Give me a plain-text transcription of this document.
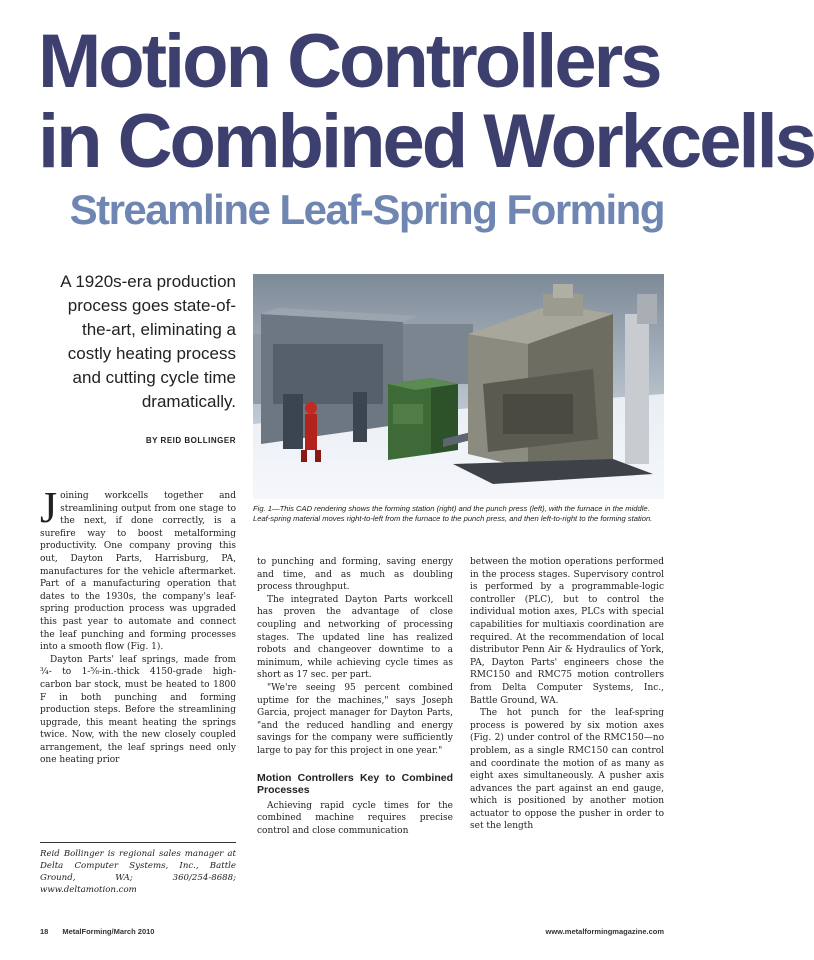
Motion Controllers
in Combined Workcells
Streamline Leaf-Spring Forming
A 1920s-era production process goes state-of-the-art, eliminating a costly heating process and cutting cycle time dramatically.
BY REID BOLLINGER
Fig. 1—This CAD rendering shows the forming station (right) and the punch press (left), with the furnace in the middle. Leaf-spring material moves right-to-left from the furnace to the punch press, and then left-to-right to the forming station.

Joining workcells together and streamlining output from one stage to the next, if done correctly, is a surefire way to boost metalforming productivity. One company proving this out, Dayton Parts, Harrisburg, PA, manufactures for the vehicle aftermarket. Part of a manufacturing operation that dates to the 1930s, the company's leaf-spring production process was upgraded this past year to automate and connect the leaf punching and forming processes into a smooth flow (Fig. 1).

Dayton Parts' leaf springs, made from ¾- to 1-⅝-in.-thick 4150-grade high-carbon bar stock, must be heated to 1800 F in both punching and forming production steps. Before the streamlining upgrade, this meant heating the springs twice. Now, with the new closely coupled arrangement, the leaf springs need only one heating prior

Reid Bollinger is regional sales manager at Delta Computer Systems, Inc., Battle Ground, WA; 360/254-8688; www.deltamotion.com

to punching and forming, saving energy and time, and as much as doubling process throughput.

The integrated Dayton Parts workcell has proven the advantage of close coupling and networking of processing stages. The updated line has realized robots and changeover downtime to a minimum, while achieving cycle times as short as 17 sec. per part.

"We're seeing 95 percent combined uptime for the machines," says Joseph Garcia, project manager for Dayton Parts, "and the reduced handling and energy savings for the company were sufficiently large to pay for this project in one year."

Motion Controllers Key to Combined Processes

Achieving rapid cycle times for the combined machine requires precise control and close communication

between the motion operations performed in the process stages. Supervisory control is performed by a programmable-logic controller (PLC), but to control the individual motion axes, PLCs with special capabilities for multiaxis coordination are required. At the recommendation of local distributor Penn Air & Hydraulics of York, PA, Dayton Parts' engineers chose the RMC150 and RMC75 motion controllers from Delta Computer Systems, Inc., Battle Ground, WA.

The hot punch for the leaf-spring process is powered by six motion axes (Fig. 2) under control of the RMC150—no problem, as a single RMC150 can control and coordinate the motion of as many as eight axes simultaneously. A pusher axis advances the part against an end gauge, which is positioned by another motion actuator to oppose the pusher in order to set the length

18 MetalForming/March 2010	www.metalformingmagazine.com
